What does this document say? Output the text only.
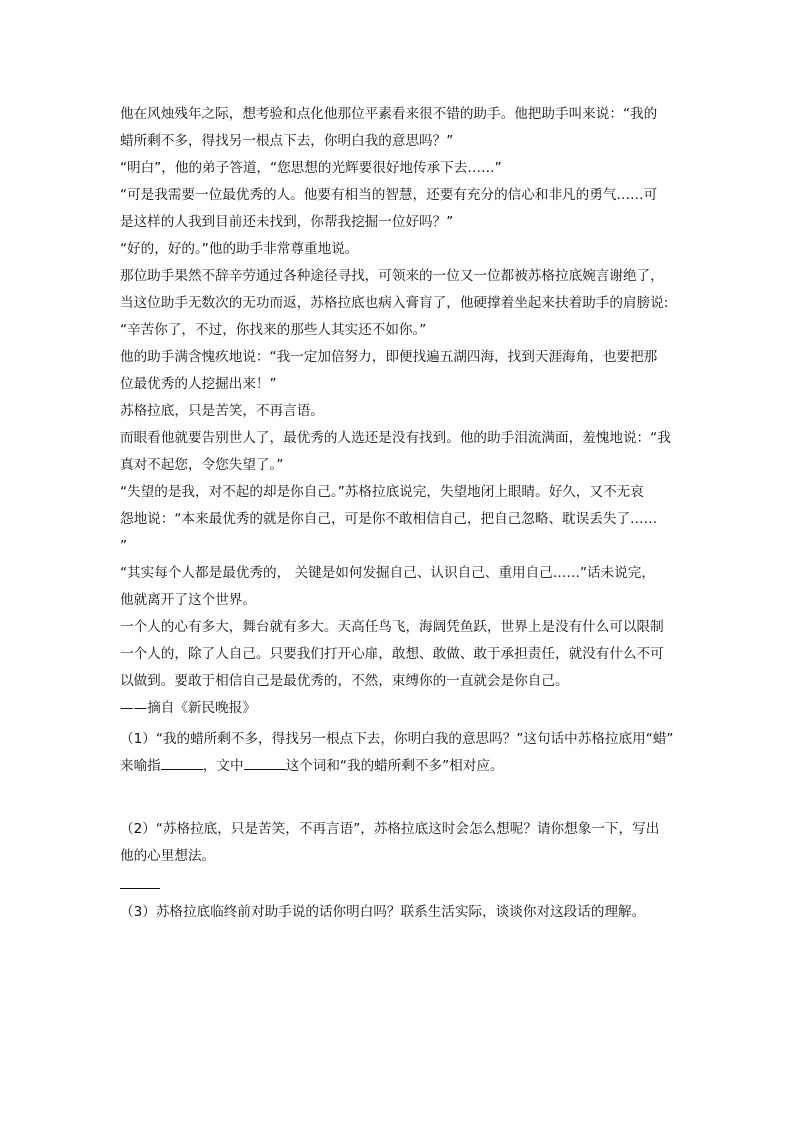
他在风烛残年之际，想考验和点化他那位平素看来很不错的助手。他把助手叫来说：“我的
蜡所剩不多，得找另一根点下去，你明白我的意思吗？”
“明白”，他的弟子答道，“您思想的光辉要很好地传承下去……”
“可是我需要一位最优秀的人。他要有相当的智慧，还要有充分的信心和非凡的勇气……可
是这样的人我到目前还未找到，你帮我挖掘一位好吗？”
“好的，好的。”他的助手非常尊重地说。
那位助手果然不辞辛劳通过各种途径寻找，可领来的一位又一位都被苏格拉底婉言谢绝了，
当这位助手无数次的无功而返，苏格拉底也病入膏肓了，他硬撑着坐起来扶着助手的肩膀说:
“辛苦你了，不过，你找来的那些人其实还不如你。”
他的助手满含愧疚地说：“我一定加倍努力，即便找遍五湖四海，找到天涯海角，也要把那
位最优秀的人挖掘出来！”
苏格拉底，只是苦笑，不再言语。
而眼看他就要告别世人了，最优秀的人选还是没有找到。他的助手泪流满面，羞愧地说：“我
真对不起您，令您失望了。”
“失望的是我，对不起的却是你自己。”苏格拉底说完，失望地闭上眼睛。好久，又不无哀
怨地说：“本来最优秀的就是你自己，可是你不敢相信自己，把自己忽略、耽误丢失了……
”
“其实每个人都是最优秀的， 关键是如何发掘自己、认识自己、重用自己……”话未说完，
他就离开了这个世界。
一个人的心有多大，舞台就有多大。天高任鸟飞，海阔凭鱼跃，世界上是没有什么可以限制
一个人的，除了人自己。只要我们打开心扉，敢想、敢做、敢于承担责任，就没有什么不可
以做到。要敢于相信自己是最优秀的，不然，束缚你的一直就会是你自己。
——摘自《新民晚报》
（1）“我的蜡所剩不多，得找另一根点下去，你明白我的意思吗？”这句话中苏格拉底用“蜡”
来喻指	，文中	这个词和“我的蜡所剩不多”相对应。
（2）“苏格拉底，只是苦笑，不再言语”，苏格拉底这时会怎么想呢？请你想象一下，写出
他的心里想法。
（3）苏格拉底临终前对助手说的话你明白吗？联系生活实际，谈谈你对这段话的理解。
